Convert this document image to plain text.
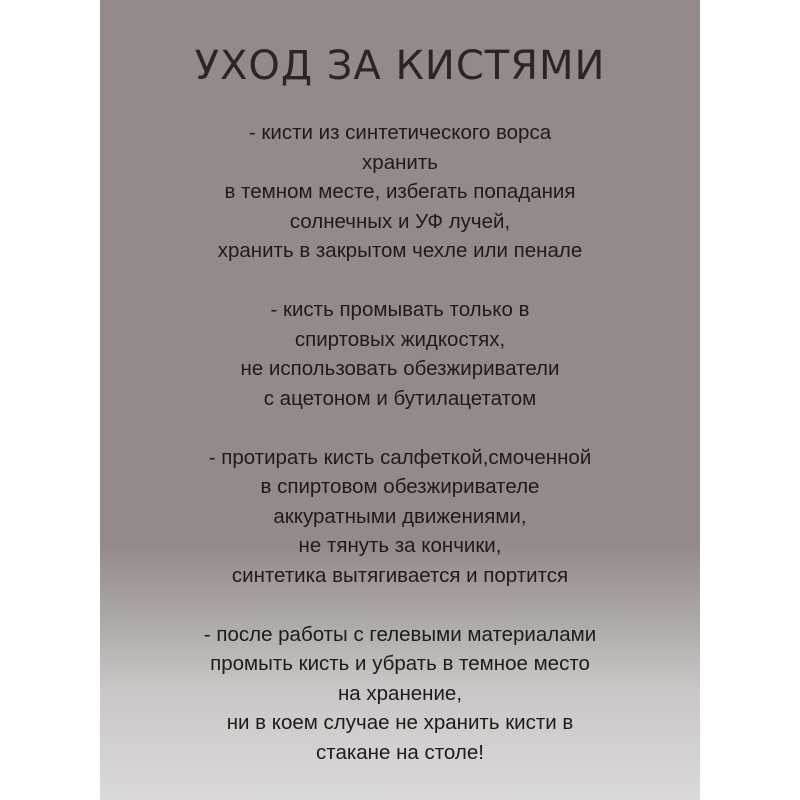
УХОД ЗА КИСТЯМИ

- кисти из синтетического ворса
хранить
в темном месте, избегать попадания
солнечных и УФ лучей,
хранить в закрытом чехле или пенале

- кисть промывать только в
спиртовых жидкостях,
не использовать обезжириватели
с ацетоном и бутилацетатом

- протирать кисть салфеткой,смоченной
в спиртовом обезжиривателе
аккуратными движениями,
не тянуть за кончики,
синтетика вытягивается и портится

- после работы с гелевыми материалами
промыть кисть и убрать в темное место
на хранение,
ни в коем случае не хранить кисти в
стакане на столе!
